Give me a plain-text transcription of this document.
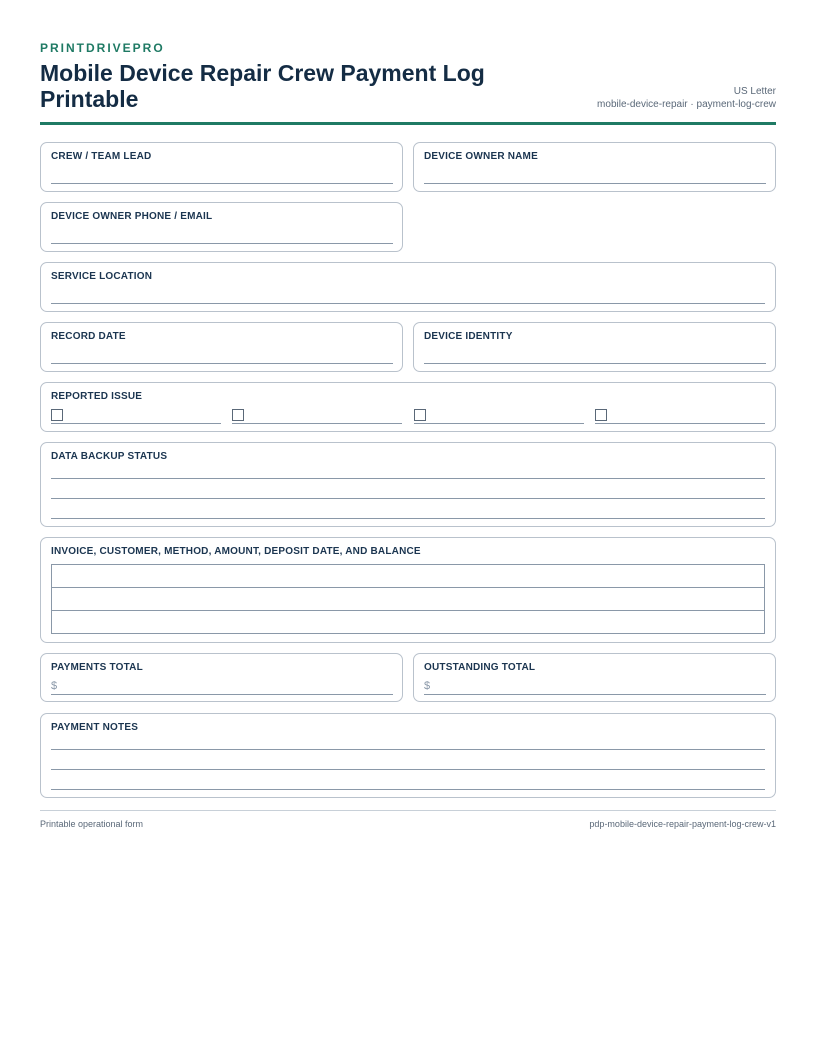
PRINTDRIVEPRO
Mobile Device Repair Crew Payment Log Printable	US Letter
mobile-device-repair · payment-log-crew
CREW / TEAM LEAD	DEVICE OWNER NAME
DEVICE OWNER PHONE / EMAIL
SERVICE LOCATION
RECORD DATE	DEVICE IDENTITY
REPORTED ISSUE
DATA BACKUP STATUS
INVOICE, CUSTOMER, METHOD, AMOUNT, DEPOSIT DATE, AND BALANCE

PAYMENTS TOTAL
$
OUTSTANDING TOTAL
$
PAYMENT NOTES
Printable operational form	pdp-mobile-device-repair-payment-log-crew-v1
